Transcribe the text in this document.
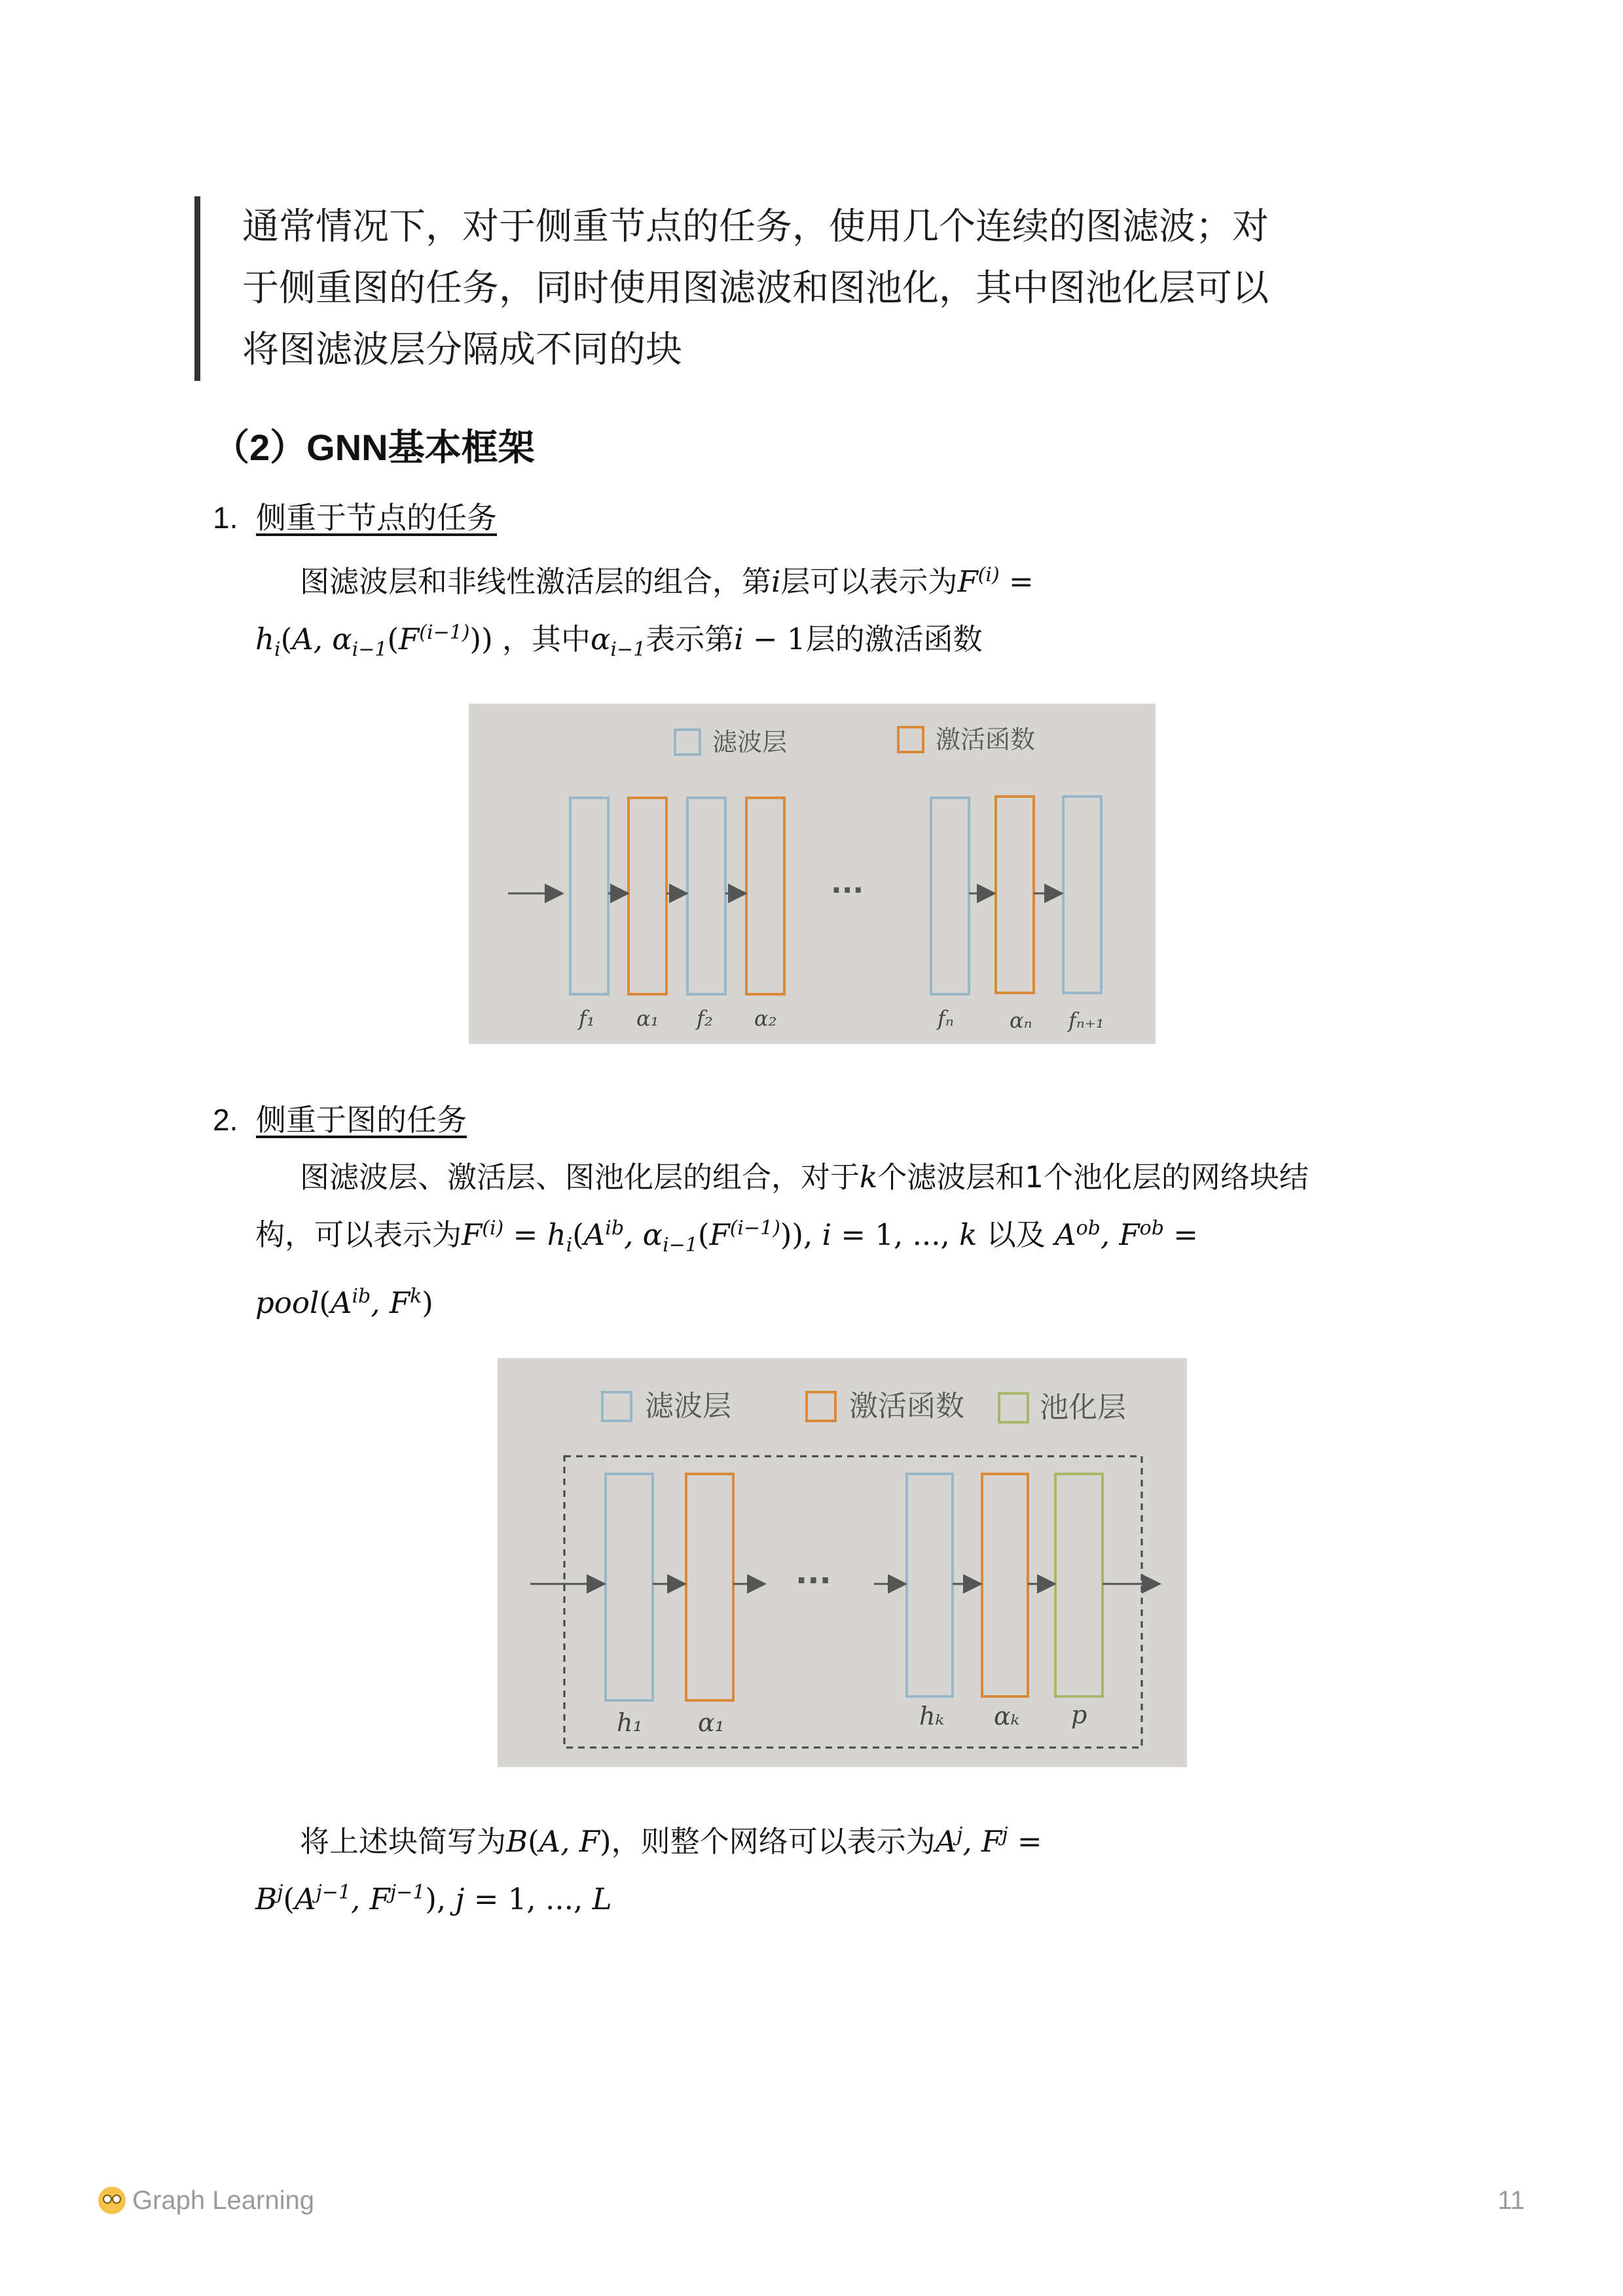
通常情况下，对于侧重节点的任务，使用几个连续的图滤波；对
于侧重图的任务，同时使用图滤波和图池化，其中图池化层可以
将图滤波层分隔成不同的块
（2）GNN基本框架
1. 侧重于节点的任务
图滤波层和非线性激活层的组合，第i层可以表示为$F^{(i)}$ =
$h_i(A$, $\alpha_{i-1}(F^{(i-1)})$) ，其中$\alpha_{i-1}$表示第i − 1层的激活函数
滤波层	激活函数
···
f₁ α₁ f₂ α₂	fₙ	αₙ fₙ₊₁
2. 侧重于图的任务
图滤波层、激活层、图池化层的组合，对于k个滤波层和1个池化层的网络块结
构，可以表示为$F^{(i)} = h_i(A^{ib}$, $\alpha_{i-1}(F^{(i-1)})$), i = 1, ..., k 以及 $A^{ob}$, $F^{ob}$ =
$pool(A^{ib}$, $F^k$)
滤波层	激活函数	池化层
···
h₁ α₁	hₖ αₖ p
将上述块简写为B(A, F)，则整个网络可以表示为$A^j$, $F^j$ =
$B^j(A^{j-1}$, $F^{j-1}$), j = 1, ..., L
Graph Learning	11
